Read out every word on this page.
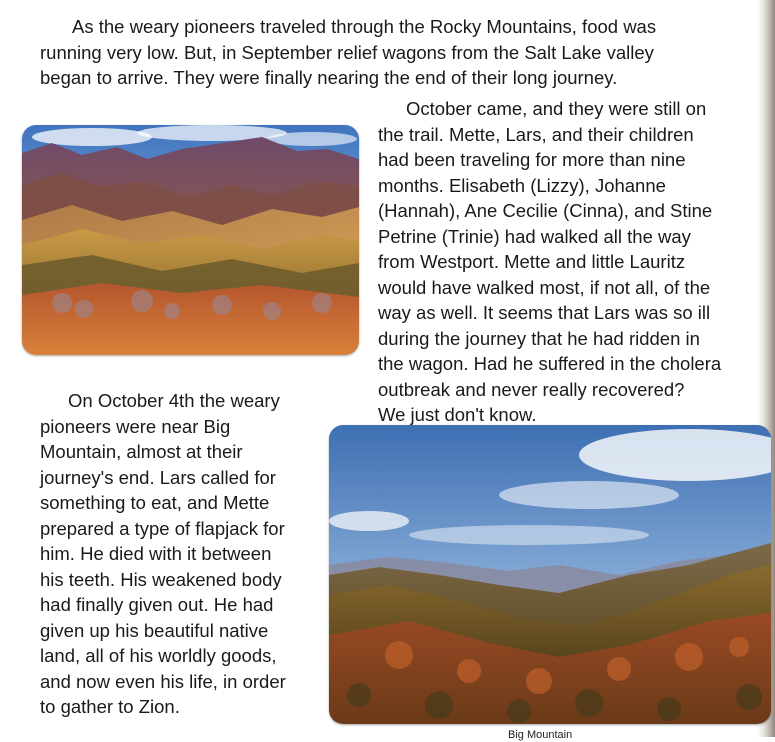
As the weary pioneers traveled through the Rocky Mountains, food was
running very low. But, in September relief wagons from the Salt Lake valley
began to arrive. They were finally nearing the end of their long journey.

October came, and they were still on
the trail. Mette, Lars, and their children
had been traveling for more than nine
months. Elisabeth (Lizzy), Johanne
(Hannah), Ane Cecilie (Cinna), and Stine
Petrine (Trinie) had walked all the way
from Westport. Mette and little Lauritz
would have walked most, if not all, of the
way as well. It seems that Lars was so ill
during the journey that he had ridden in
the wagon. Had he suffered in the cholera
outbreak and never really recovered?
We just don't know.

On October 4th the weary
pioneers were near Big
Mountain, almost at their
journey's end. Lars called for
something to eat, and Mette
prepared a type of flapjack for
him. He died with it between
his teeth. His weakened body
had finally given out. He had
given up his beautiful native
land, all of his worldly goods,
and now even his life, in order
to gather to Zion.

Big Mountain
